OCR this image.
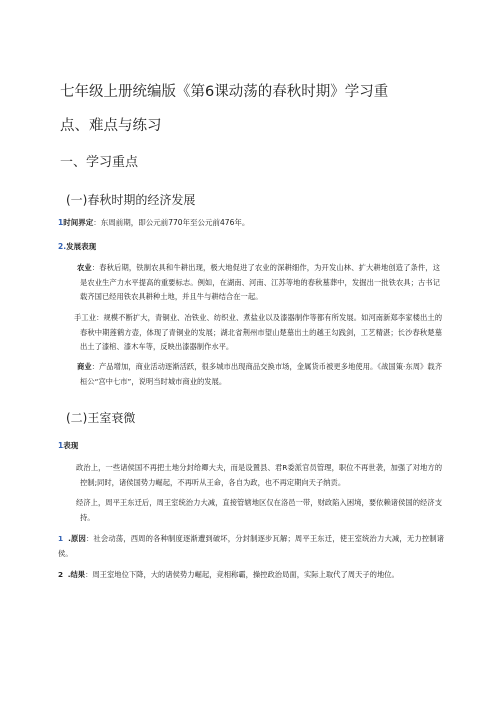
七年级上册统编版《第6课动荡的春秋时期》学习重
点、难点与练习
一、学习重点
(一)春秋时期的经济发展
1时间界定：东周前期，即公元前770年至公元前476年。
2.发展表现
农业：春秋后期，铁制农具和牛耕出现，极大地促进了农业的深耕细作，为开发山林、扩大耕地创造了条件，这是农业生产力水平提高的重要标志。例如，在湖南、河南、江苏等地的春秋墓葬中，发掘出一批铁农具；古书记载齐国已经用铁农具耕种土地，并且牛与耕结合在一起。
手工业：规模不断扩大，青铜业、冶铁业、纺织业、煮盐业以及漆器制作等都有所发展。如河南新郑李家楼出土的春秋中期莲鹤方壶，体现了青铜业的发展；湖北省荆州市望山楚墓出土的越王勾践剑，工艺精湛；长沙春秋楚墓出土了漆棺、漆木车等，反映出漆器制作水平。
商业：产品增加，商业活动逐渐活跃，很多城市出现商品交换市场，金属货币被更多地使用。《战国策·东周》载齐桓公“宫中七市”，说明当时城市商业的发展。
(二)王室衰微
1表现
政治上，一些诸侯国不再把土地分封给卿大夫，而是设置县、君R委派官员管理，职位不再世袭，加强了对地方的控制;同时，诸侯国势力崛起，不再听从王命，各自为政，也不再定期向天子纳贡。
经济上，周平王东迁后，周王室统治力大减，直接管辖地区仅在洛邑一带，财政陷入困境，要依赖诸侯国的经济支持。
1 .原因：社会动荡，西周的各种制度逐渐遭到破坏，分封制逐步瓦解；周平王东迁，使王室统治力大减，无力控制诸侯。
2 .结果：周王室地位下降，大的诸侯势力崛起，竞相称霸，操控政治局面，实际上取代了周天子的地位。
